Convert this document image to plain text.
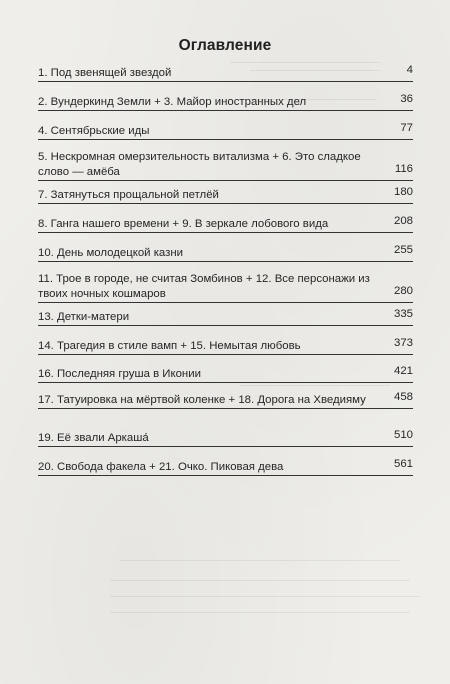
Оглавление
1. Под звенящей звездой	4
2. Вундеркинд Земли + 3. Майор иностранных дел	36
4. Сентябрьские иды	77
5. Нескромная омерзительность витализма + 6. Это сладкое слово — амёба	116
7. Затянуться прощальной петлёй	180
8. Ганга нашего времени + 9. В зеркале лобового вида	208
10. День молодецкой казни	255
11. Трое в городе, не считая Зомбинов + 12. Все персонажи из твоих ночных кошмаров	280
13. Детки-матери	335
14. Трагедия в стиле вамп + 15. Немытая любовь	373
16. Последняя груша в Иконии	421
17. Татуировка на мёртвой коленке + 18. Дорога на Хведияму	458
19. Её звали Аркаша́	510
20. Свобода факела + 21. Очко. Пиковая дева	561
